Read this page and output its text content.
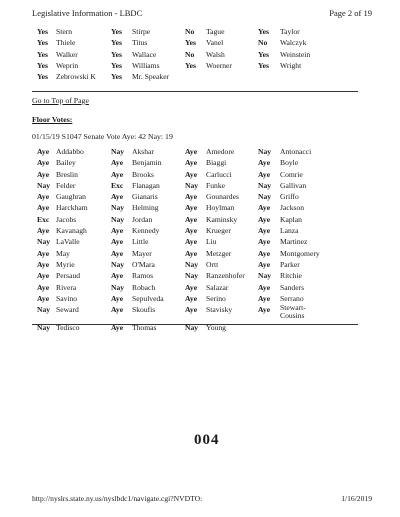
Legislative Information - LBDC	Page 2 of 19
Yes Stern	Yes Stirpe	No Tague	Yes Taylor
Yes Thiele	Yes Titus	Yes Vanel	No Walczyk
Yes Walker	Yes Wallace	No Walsh	Yes Weinstein
Yes Weprin	Yes Williams	Yes Woerner	Yes Wright
Yes Zebrowski K Yes Mr. Speaker
Go to Top of Page
Floor Votes:
01/15/19 S1047 Senate Vote Aye: 42 Nay: 19
Aye Addabbo	Nay Akshar	Aye Amedore	Nay Antonacci
Aye Bailey	Aye Benjamin	Aye Biaggi	Aye Boyle
Aye Breslin	Aye Brooks	Aye Carlucci	Aye Comrie
Nay Felder	Exc Flanagan	Nay Funke	Nay Gallivan
Aye Gaughran	Aye Gianaris	Aye Gounardes	Nay Griffo
Aye Harckham	Nay Helming	Aye Hoylman	Aye Jackson
Exc Jacobs	Nay Jordan	Aye Kaminsky	Aye Kaplan
Aye Kavanagh	Aye Kennedy	Aye Krueger	Aye Lanza
Nay LaValle	Aye Little	Aye Liu	Aye Martinez
Aye May	Aye Mayer	Aye Metzger	Aye Montgomery
Aye Myrie	Nay O'Mara	Nay Ortt	Aye Parker
Aye Persaud	Aye Ramos	Nay Ranzenhofer Nay Ritchie
Aye Rivera	Nay Robach	Aye Salazar	Aye Sanders
Aye Savino	Aye Sepulveda	Aye Serino	Aye Serrano
Nay Seward	Aye Skoufis	Aye Stavisky	Aye Stewart-Cousins
Nay Tedisco	Aye Thomas	Nay Young
004
http://nyslrs.state.ny.us/nyslbdc1/navigate.cgi?NVDTO:	1/16/2019
